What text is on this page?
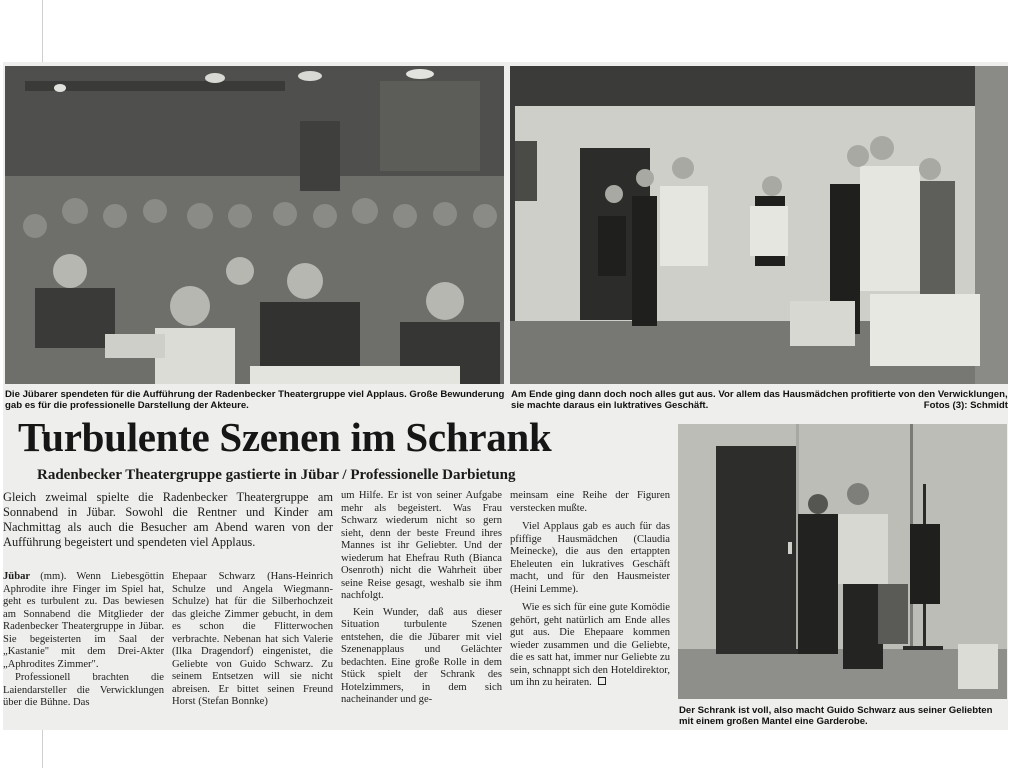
Die Jübarer spendeten für die Aufführung der Radenbecker Theatergruppe viel Applaus. Große Bewunderung gab es für die professionelle Darstellung der Akteure.
Am Ende ging dann doch noch alles gut aus. Vor allem das Hausmädchen profitierte von den Verwicklungen, sie machte daraus ein luktratives Geschäft.	Fotos (3): Schmidt
Turbulente Szenen im Schrank
Radenbecker Theatergruppe gastierte in Jübar / Professionelle Darbietung
Der Schrank ist voll, also macht Guido Schwarz aus seiner Geliebten mit einem großen Mantel eine Garderobe.

Gleich zweimal spielte die Radenbecker Theatergruppe am Sonnabend in Jübar. Sowohl die Rentner und Kinder am Nachmittag als auch die Besucher am Abend waren von der Aufführung begeistert und spendeten viel Applaus.

Jübar (mm). Wenn Liebesgöttin Aphrodite ihre Finger im Spiel hat, geht es turbulent zu. Das bewiesen am Sonnabend die Mitglieder der Radenbecker Theatergruppe in Jübar. Sie begeisterten im Saal der „Kastanie" mit dem Drei-Akter „Aphrodites Zimmer".

Professionell brachten die Laiendarsteller die Verwicklungen über die Bühne. Das

Ehepaar Schwarz (Hans-Heinrich Schulze und Angela Wiegmann-Schulze) hat für die Silberhochzeit das gleiche Zimmer gebucht, in dem es schon die Flitterwochen verbrachte. Nebenan hat sich Valerie (Ilka Dragendorf) eingenistet, die Geliebte von Guido Schwarz. Zu seinem Entsetzen will sie nicht abreisen. Er bittet seinen Freund Horst (Stefan Bonnke)

um Hilfe. Er ist von seiner Aufgabe mehr als begeistert. Was Frau Schwarz wiederum nicht so gern sieht, denn der beste Freund ihres Mannes ist ihr Geliebter. Und der wiederum hat Ehefrau Ruth (Bianca Osenroth) nicht die Wahrheit über seine Reise gesagt, weshalb sie ihm nachfolgt.

Kein Wunder, daß aus dieser Situation turbulente Szenen entstehen, die die Jübarer mit viel Szenenapplaus und Gelächter bedachten. Eine große Rolle in dem Stück spielt der Schrank des Hotelzimmers, in dem sich nacheinander und ge-

meinsam eine Reihe der Figuren verstecken mußte.

Viel Applaus gab es auch für das pfiffige Hausmädchen (Claudia Meinecke), die aus den ertappten Eheleuten ein lukratives Geschäft macht, und für den Hausmeister (Heini Lemme).

Wie es sich für eine gute Komödie gehört, geht natürlich am Ende alles gut aus. Die Ehepaare kommen wieder zusammen und die Geliebte, die es satt hat, immer nur Geliebte zu sein, schnappt sich den Hoteldirektor, um ihn zu heiraten.
